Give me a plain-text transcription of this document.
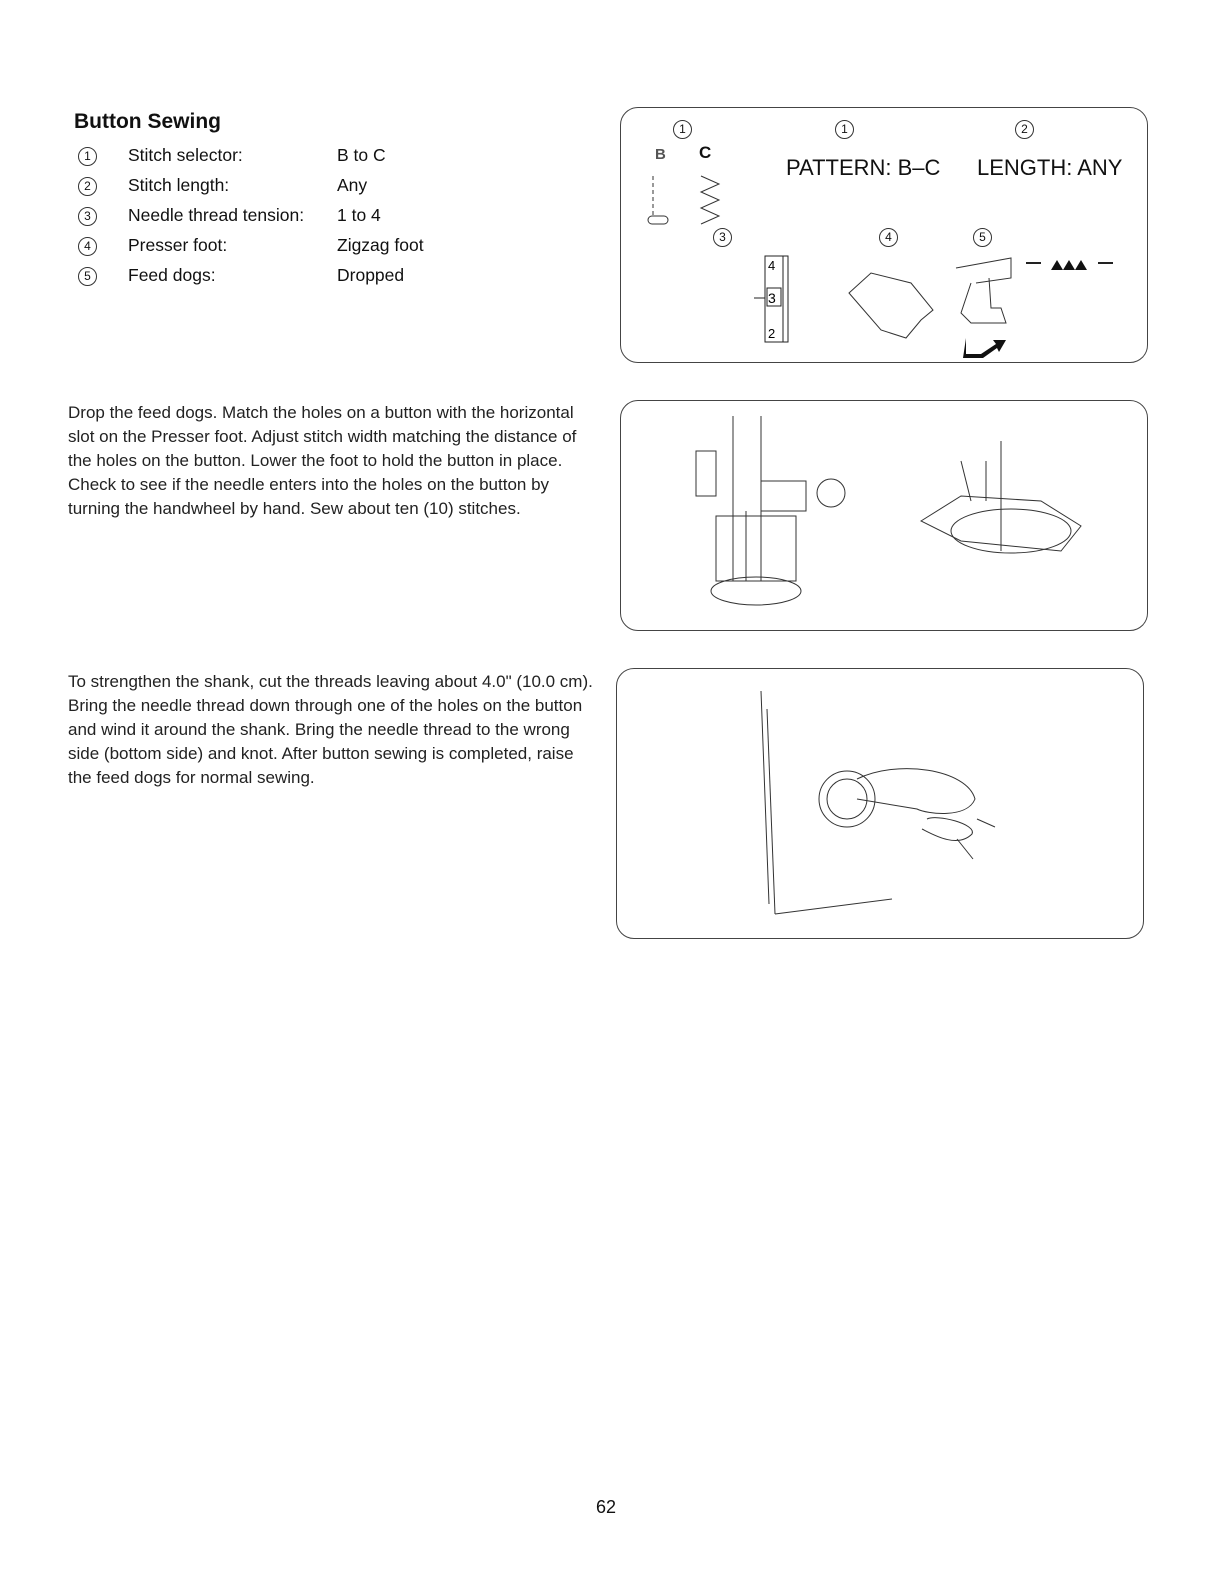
Button Sewing
1 Stitch selector:	B to C
2 Stitch length:	Any
3 Needle thread tension: 1 to 4
4 Presser foot:	Zigzag foot
5 Feed dogs:	Dropped
1	1	2
B C
PATTERN: B–C LENGTH: ANY
3	4	5
4
3
2
Drop the feed dogs. Match the holes on a button with the horizontal slot on the Presser foot. Adjust stitch width matching the distance of the holes on the button. Lower the foot to hold the button in place. Check to see if the needle enters into the holes on the button by turning the handwheel by hand. Sew about ten (10) stitches.
To strengthen the shank, cut the threads leaving about 4.0" (10.0 cm). Bring the needle thread down through one of the holes on the button and wind it around the shank. Bring the needle thread to the wrong side (bottom side) and knot. After button sewing is completed, raise the feed dogs for normal sewing.
62
